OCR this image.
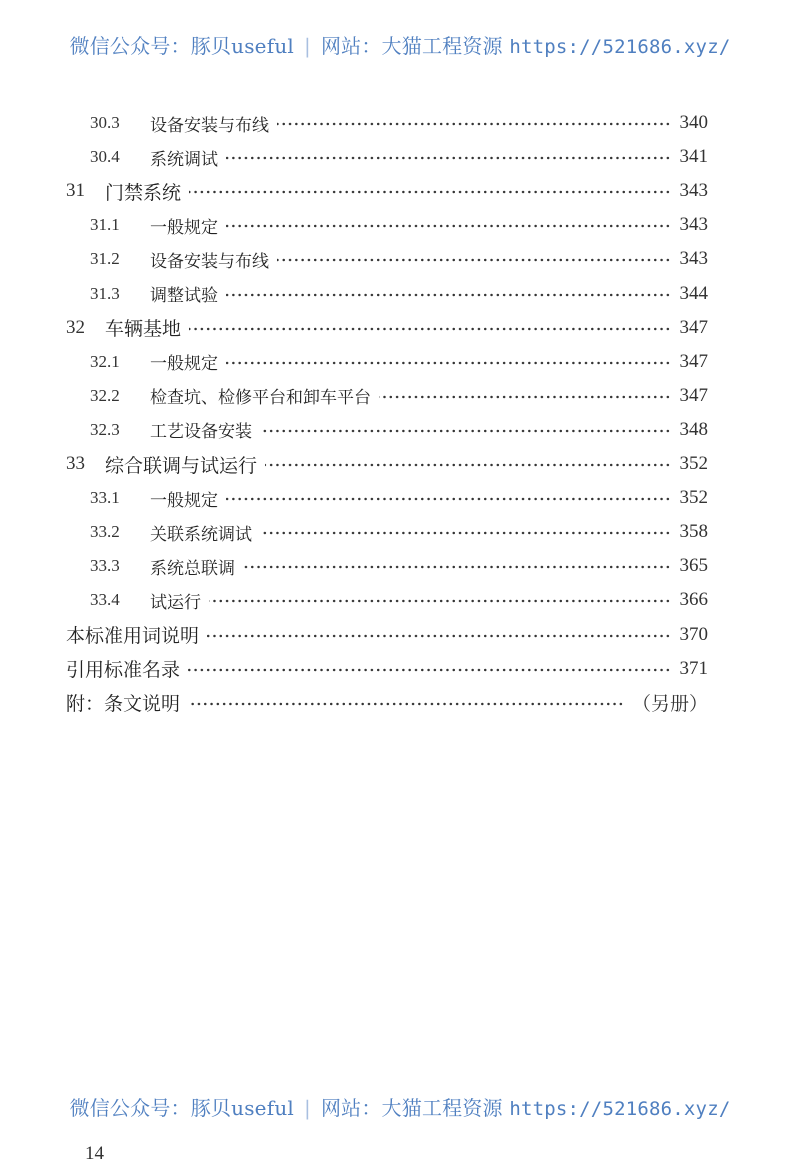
微信公众号：豚贝useful | 网站：大猫工程资源 https://521686.xyz/
30.3 设备安装与布线	340
30.4 系统调试	341
31 门禁系统	343
31.1 一般规定	343
31.2 设备安装与布线	343
31.3 调整试验	344
32 车辆基地	347
32.1 一般规定	347
32.2 检查坑、检修平台和卸车平台	347
32.3 工艺设备安装	348
33 综合联调与试运行	352
33.1 一般规定	352
33.2 关联系统调试	358
33.3 系统总联调	365
33.4 试运行	366
本标准用词说明	370
引用标准名录	371
附：条文说明	（另册）
微信公众号：豚贝useful | 网站：大猫工程资源 https://521686.xyz/
14
